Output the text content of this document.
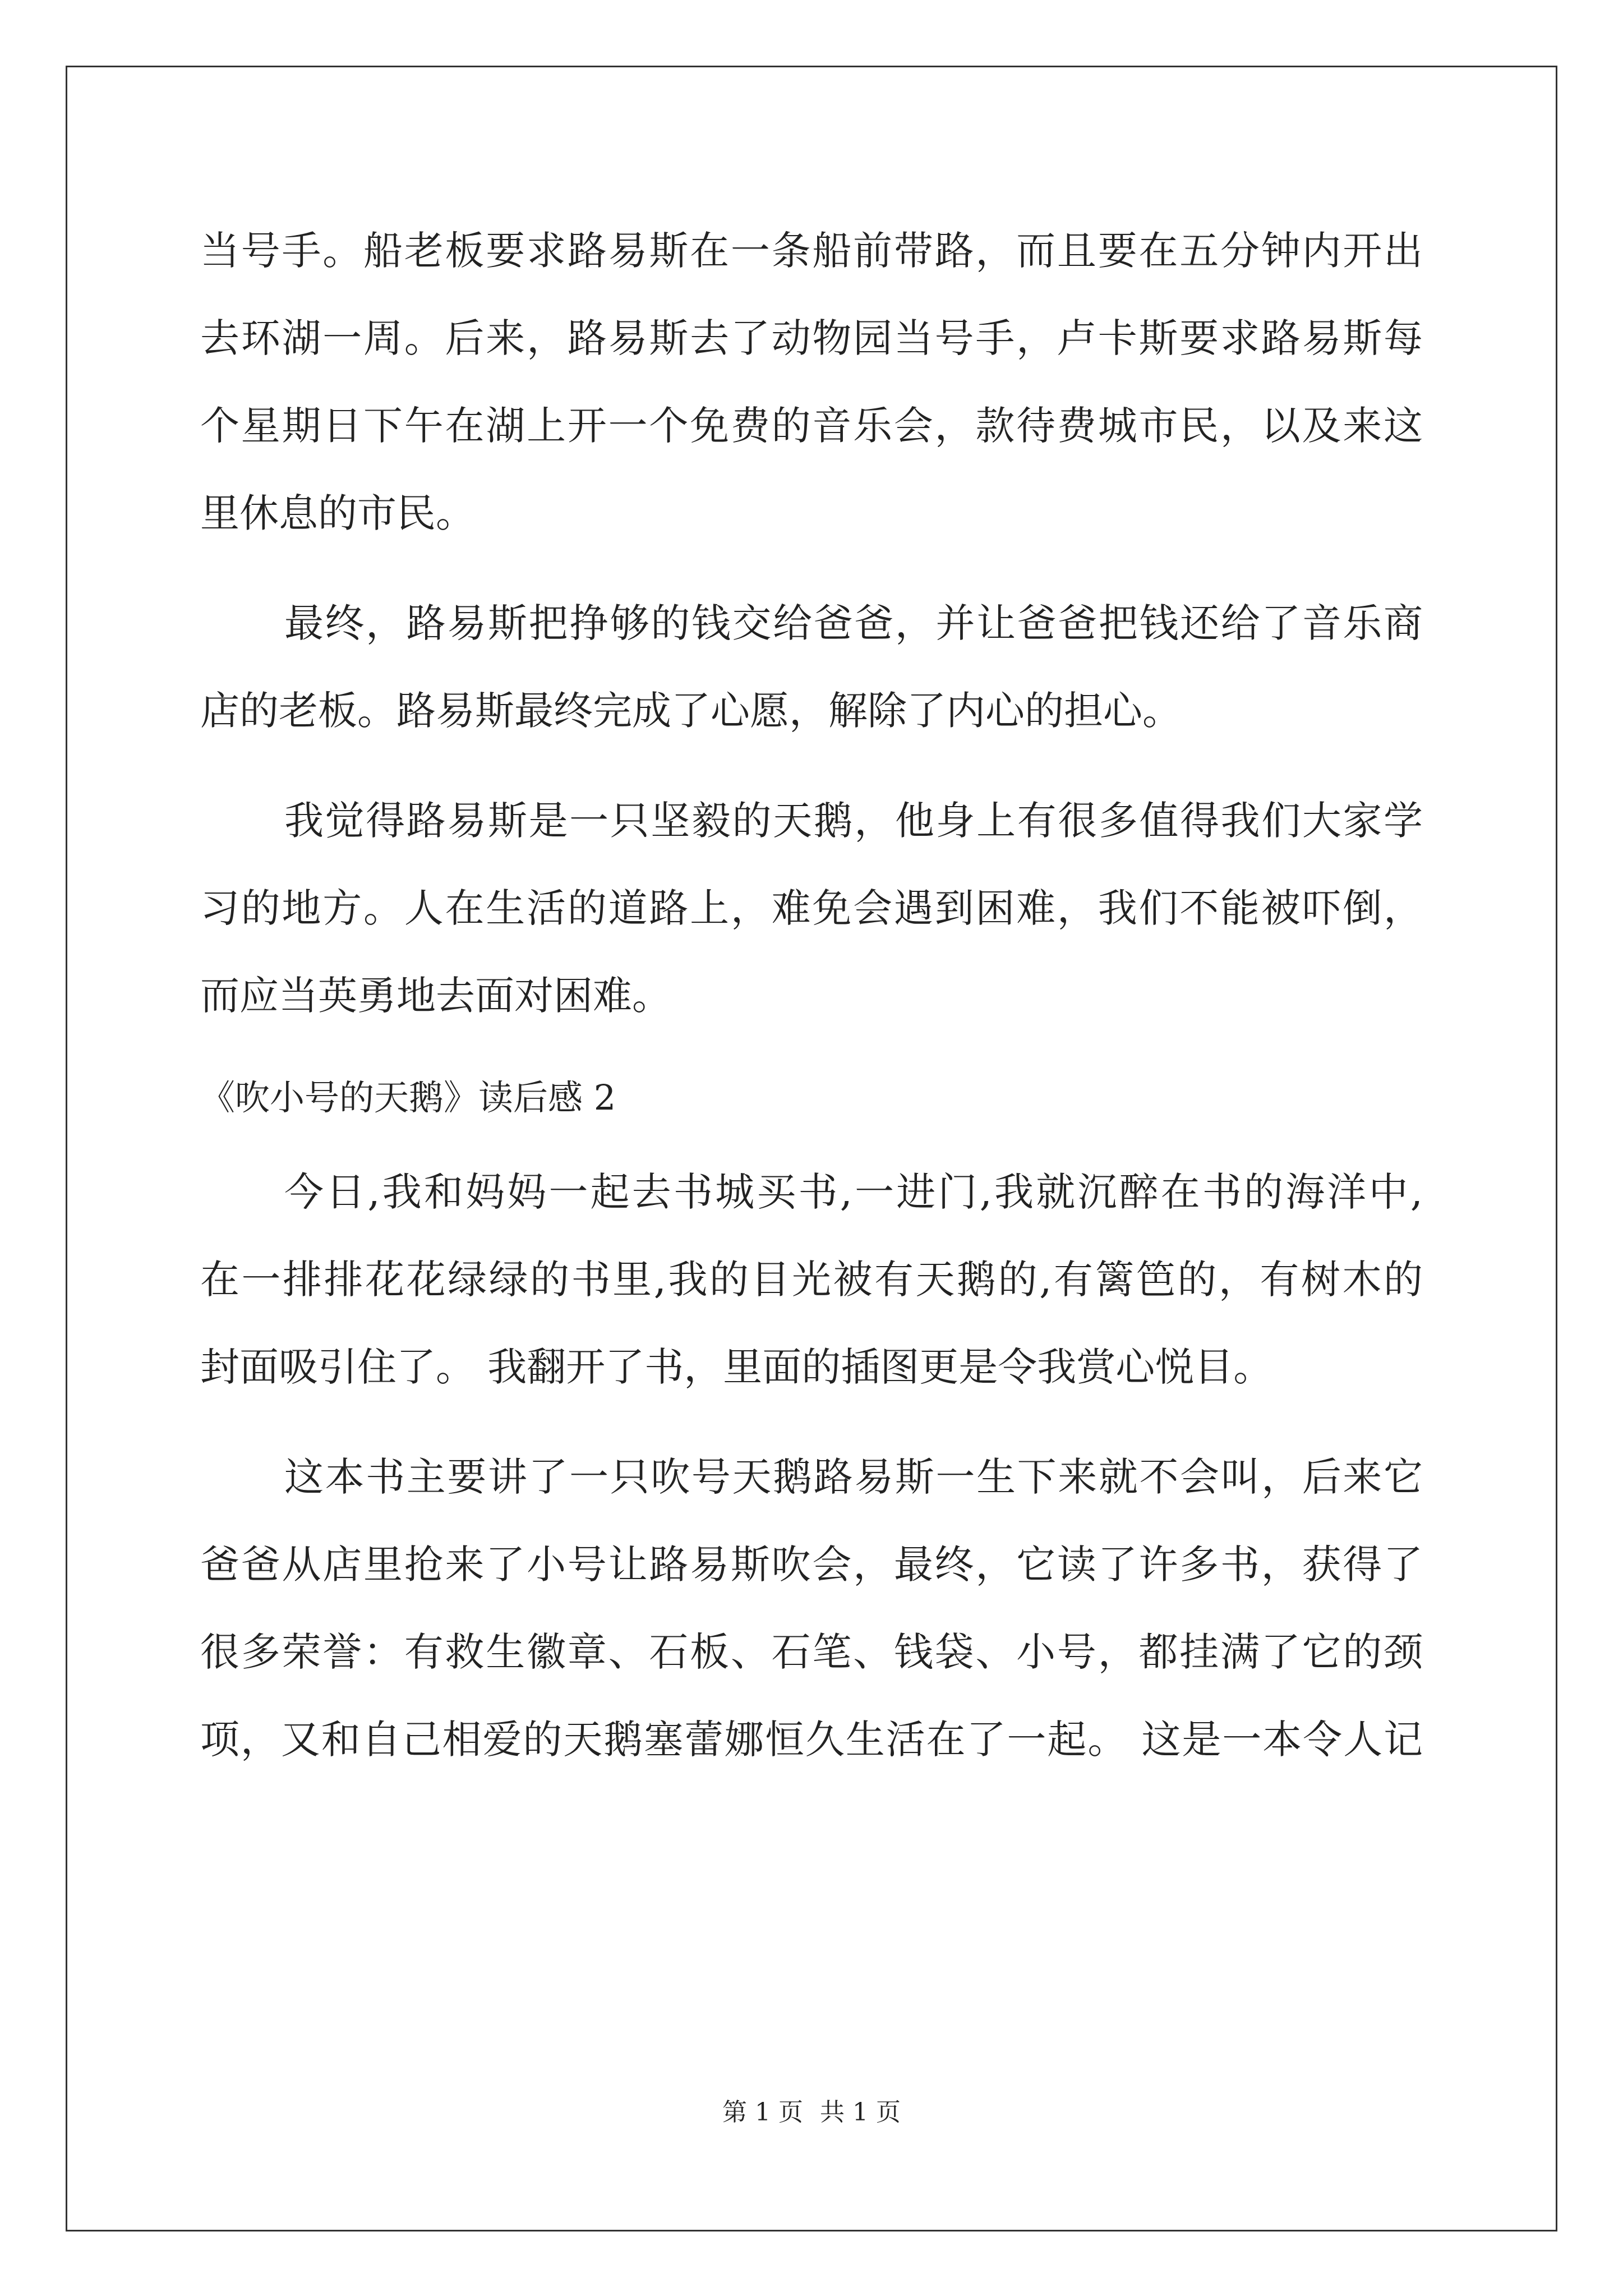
当号手。船老板要求路易斯在一条船前带路，而且要在五分钟内开出
去环湖一周。后来，路易斯去了动物园当号手，卢卡斯要求路易斯每
个星期日下午在湖上开一个免费的音乐会，款待费城市民，以及来这
里休息的市民。
最终，路易斯把挣够的钱交给爸爸，并让爸爸把钱还给了音乐商
店的老板。路易斯最终完成了心愿，解除了内心的担心。
我觉得路易斯是一只坚毅的天鹅，他身上有很多值得我们大家学
习的地方。人在生活的道路上，难免会遇到困难，我们不能被吓倒，
而应当英勇地去面对困难。
《吹小号的天鹅》读后感 2
今日,我和妈妈一起去书城买书,一进门,我就沉醉在书的海洋中,
在一排排花花绿绿的书里,我的目光被有天鹅的,有篱笆的，有树木的
封面吸引住了。 我翻开了书，里面的插图更是令我赏心悦目。
这本书主要讲了一只吹号天鹅路易斯一生下来就不会叫，后来它
爸爸从店里抢来了小号让路易斯吹会，最终，它读了许多书，获得了
很多荣誉：有救生徽章、石板、石笔、钱袋、小号，都挂满了它的颈
项，又和自己相爱的天鹅塞蕾娜恒久生活在了一起。 这是一本令人记
第 1 页 共 1 页
